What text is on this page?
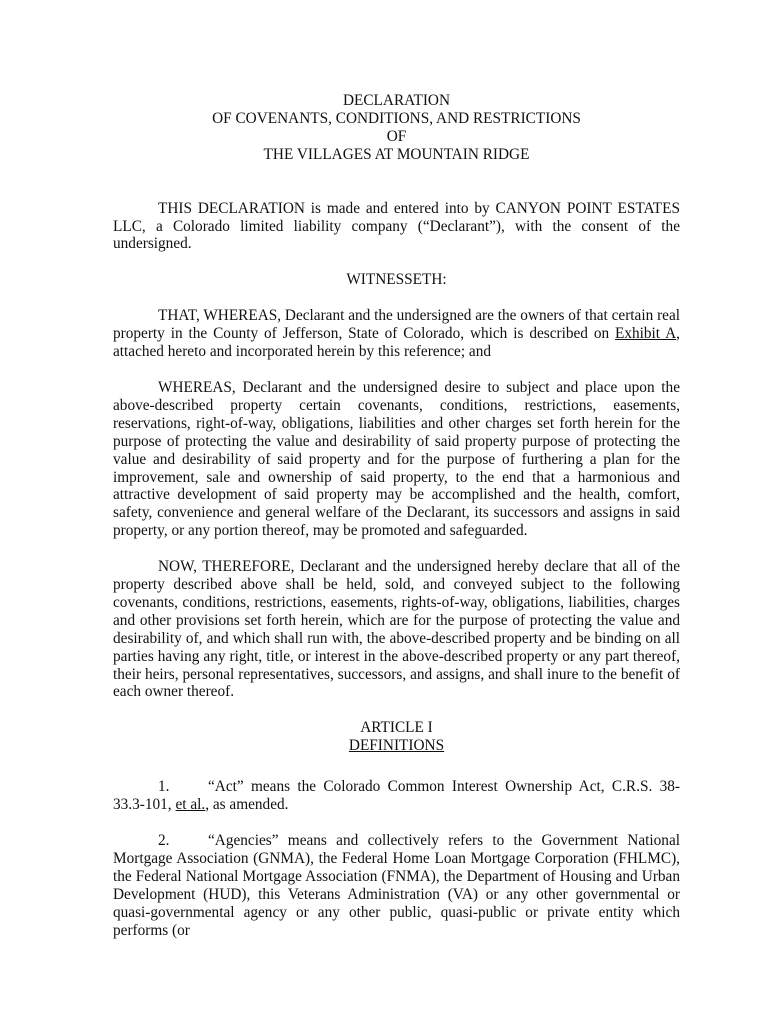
DECLARATION
OF COVENANTS, CONDITIONS, AND RESTRICTIONS
OF
THE VILLAGES AT MOUNTAIN RIDGE

THIS DECLARATION is made and entered into by CANYON POINT ESTATES LLC, a Colorado limited liability company (“Declarant”), with the consent of the undersigned.

WITNESSETH:

THAT, WHEREAS, Declarant and the undersigned are the owners of that certain real property in the County of Jefferson, State of Colorado, which is described on Exhibit A, attached hereto and incorporated herein by this reference; and

WHEREAS, Declarant and the undersigned desire to subject and place upon the above-described property certain covenants, conditions, restrictions, easements, reservations, right-of-way, obligations, liabilities and other charges set forth herein for the purpose of protecting the value and desirability of said property purpose of protecting the value and desirability of said property and for the purpose of furthering a plan for the improvement, sale and ownership of said property, to the end that a harmonious and attractive development of said property may be accomplished and the health, comfort, safety, convenience and general welfare of the Declarant, its successors and assigns in said property, or any portion thereof, may be promoted and safeguarded.

NOW, THEREFORE, Declarant and the undersigned hereby declare that all of the property described above shall be held, sold, and conveyed subject to the following covenants, conditions, restrictions, easements, rights-of-way, obligations, liabilities, charges and other provisions set forth herein, which are for the purpose of protecting the value and desirability of, and which shall run with, the above-described property and be binding on all parties having any right, title, or interest in the above-described property or any part thereof, their heirs, personal representatives, successors, and assigns, and shall inure to the benefit of each owner thereof.

ARTICLE I
DEFINITIONS

1.	“Act” means the Colorado Common Interest Ownership Act, C.R.S. 38-33.3-101, et al., as amended.

2.	“Agencies” means and collectively refers to the Government National Mortgage Association (GNMA), the Federal Home Loan Mortgage Corporation (FHLMC), the Federal National Mortgage Association (FNMA), the Department of Housing and Urban Development (HUD), this Veterans Administration (VA) or any other governmental or quasi-governmental agency or any other public, quasi-public or private entity which performs (or
